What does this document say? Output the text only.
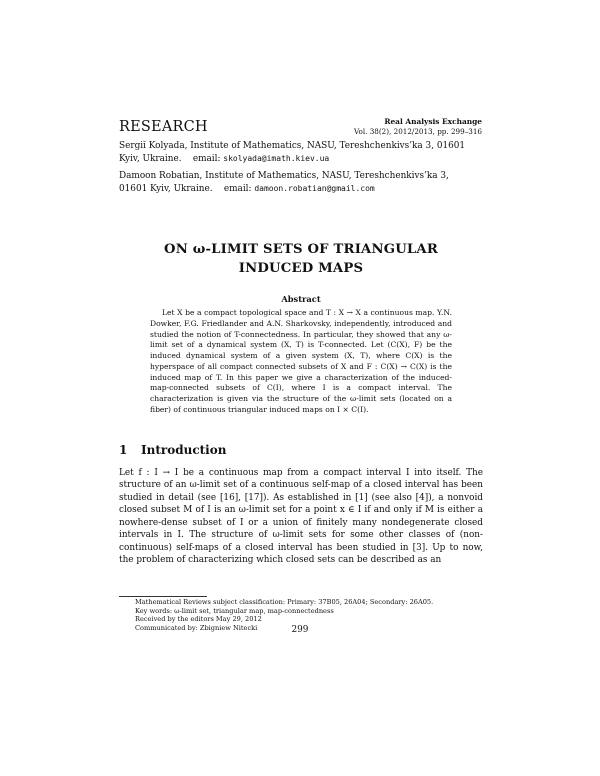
RESEARCH	Real Analysis Exchange
Vol. 38(2), 2012/2013, pp. 299–316
Sergiĭ Kolyada, Institute of Mathematics, NASU, Tereshchenkivs’ka 3, 01601
Kyiv, Ukraine.    email: skolyada@imath.kiev.ua
Damoon Robatian, Institute of Mathematics, NASU, Tereshchenkivs’ka 3,
01601 Kyiv, Ukraine.    email: damoon.robatian@gmail.com
ON ω-LIMIT SETS OF TRIANGULAR
INDUCED MAPS
Abstract

Let X be a compact topological space and T : X → X a continuous map. Y.N. Dowker, F.G. Friedlander and A.N. Sharkovsky, independently, introduced and studied the notion of T-connectedness. In particular, they showed that any ω-limit set of a dynamical system (X, T) is T-connected. Let (C(X), F) be the induced dynamical system of a given system (X, T), where C(X) is the hyperspace of all compact connected subsets of X and F : C(X) → C(X) is the induced map of T. In this paper we give a characterization of the induced-map-connected subsets of C(I), where I is a compact interval. The characterization is given via the structure of the ω-limit sets (located on a fiber) of continuous triangular induced maps on I × C(I).

1 Introduction

Let f : I → I be a continuous map from a compact interval I into itself. The structure of an ω-limit set of a continuous self-map of a closed interval has been studied in detail (see [16], [17]). As established in [1] (see also [4]), a nonvoid closed subset M of I is an ω-limit set for a point x ∈ I if and only if M is either a nowhere-dense subset of I or a union of finitely many nondegenerate closed intervals in I. The structure of ω-limit sets for some other classes of (non-continuous) self-maps of a closed interval has been studied in [3]. Up to now, the problem of characterizing which closed sets can be described as an

Mathematical Reviews subject classification: Primary: 37B05, 26A04; Secondary: 26A05.
Key words: ω-limit set, triangular map, map-connectedness
Received by the editors May 29, 2012
Communicated by: Zbigniew Nitecki	299
